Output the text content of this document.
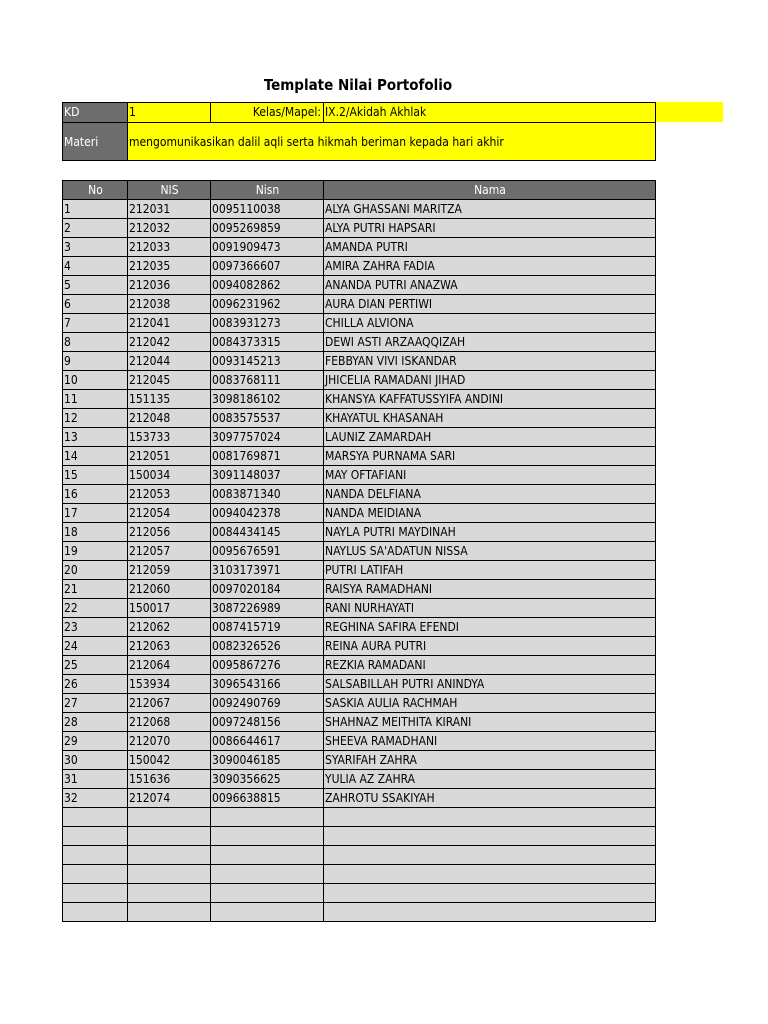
Template Nilai Portofolio
KD	1	Kelas/Mapel:	IX.2/Akidah Akhlak
Materi	mengomunikasikan dalil aqli serta hikmah beriman kepada hari akhir		
No	NIS	Nisn	Nama
1	212031	0095110038	ALYA GHASSANI MARITZA
2	212032	0095269859	ALYA PUTRI HAPSARI
3	212033	0091909473	AMANDA PUTRI
4	212035	0097366607	AMIRA ZAHRA FADIA
5	212036	0094082862	ANANDA PUTRI ANAZWA
6	212038	0096231962	AURA DIAN PERTIWI
7	212041	0083931273	CHILLA ALVIONA
8	212042	0084373315	DEWI ASTI ARZAAQQIZAH
9	212044	0093145213	FEBBYAN VIVI ISKANDAR
10	212045	0083768111	JHICELIA RAMADANI JIHAD
11	151135	3098186102	KHANSYA KAFFATUSSYIFA ANDINI
12	212048	0083575537	KHAYATUL KHASANAH
13	153733	3097757024	LAUNIZ ZAMARDAH
14	212051	0081769871	MARSYA PURNAMA SARI
15	150034	3091148037	MAY OFTAFIANI
16	212053	0083871340	NANDA DELFIANA
17	212054	0094042378	NANDA MEIDIANA
18	212056	0084434145	NAYLA PUTRI MAYDINAH
19	212057	0095676591	NAYLUS SA'ADATUN NISSA
20	212059	3103173971	PUTRI LATIFAH
21	212060	0097020184	RAISYA RAMADHANI
22	150017	3087226989	RANI NURHAYATI
23	212062	0087415719	REGHINA SAFIRA EFENDI
24	212063	0082326526	REINA AURA PUTRI
25	212064	0095867276	REZKIA RAMADANI
26	153934	3096543166	SALSABILLAH PUTRI ANINDYA
27	212067	0092490769	SASKIA AULIA RACHMAH
28	212068	0097248156	SHAHNAZ MEITHITA KIRANI
29	212070	0086644617	SHEEVA RAMADHANI
30	150042	3090046185	SYARIFAH ZAHRA
31	151636	3090356625	YULIA AZ ZAHRA
32	212074	0096638815	ZAHROTU SSAKIYAH
